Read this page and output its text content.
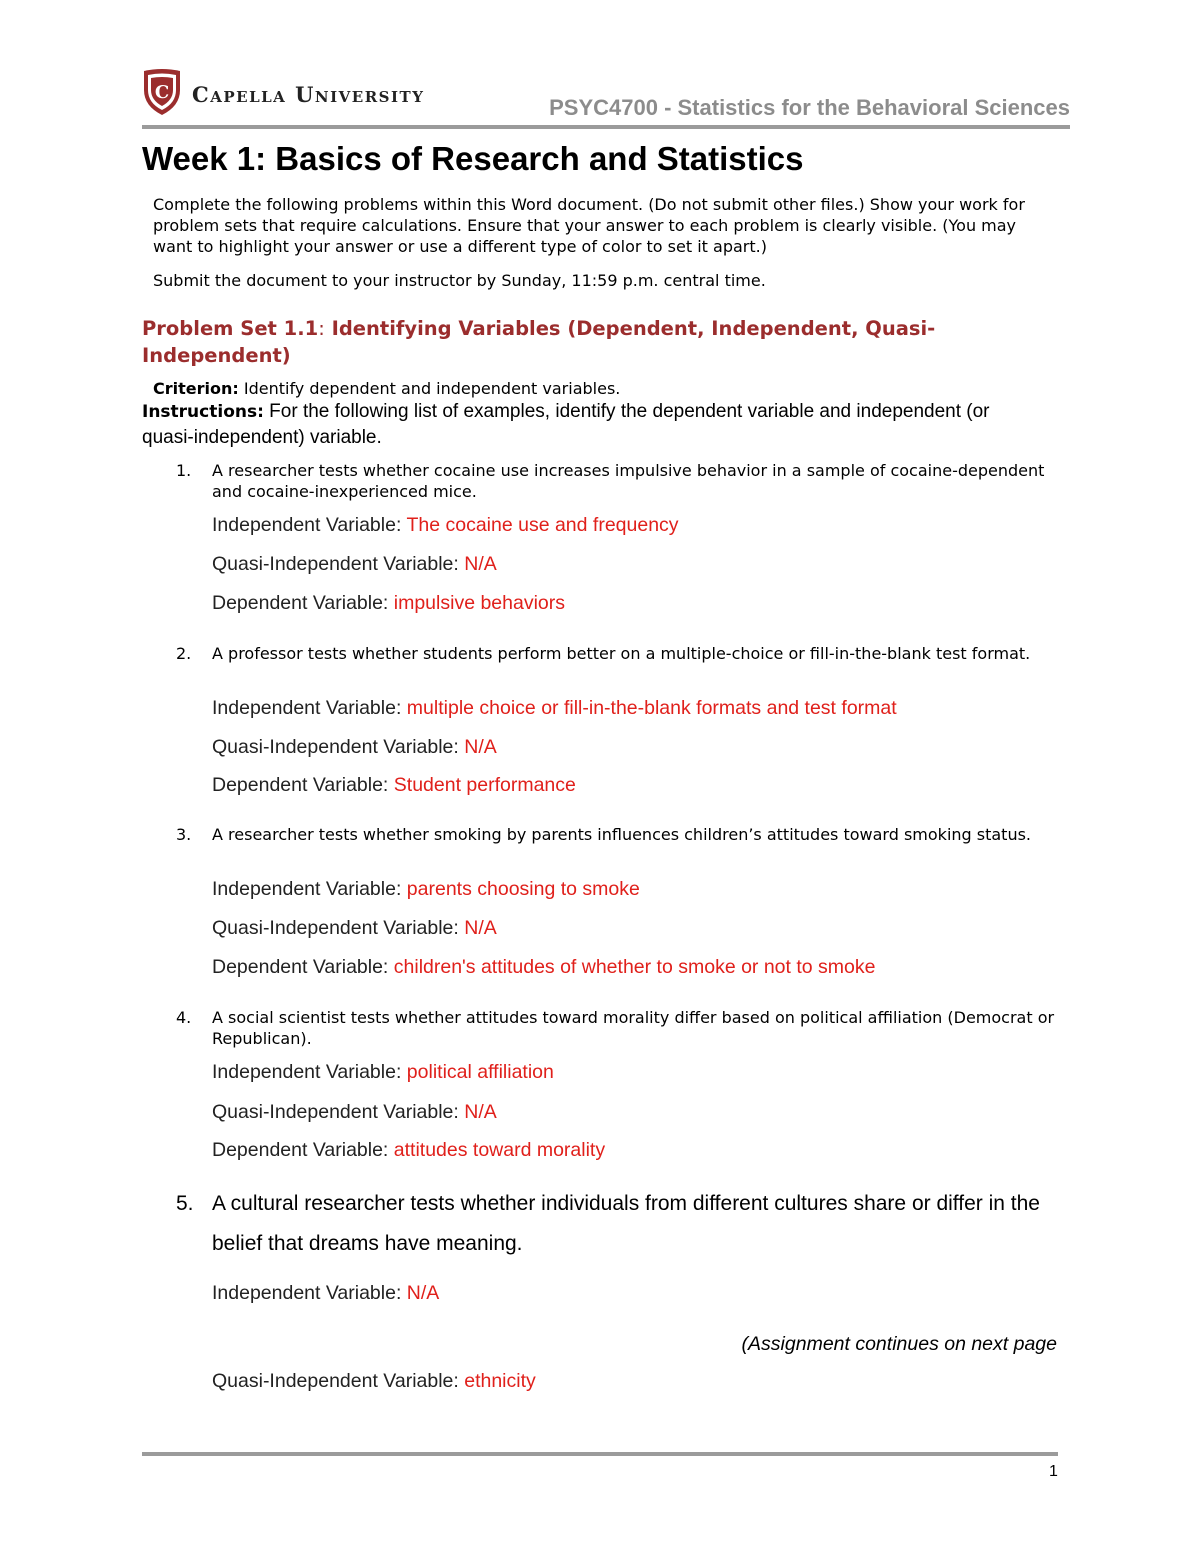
C Capella University
PSYC4700 - Statistics for the Behavioral Sciences
Week 1: Basics of Research and Statistics

Complete the following problems within this Word document. (Do not submit other files.) Show your work for problem sets that require calculations. Ensure that your answer to each problem is clearly visible. (You may want to highlight your answer or use a different type of color to set it apart.)

Submit the document to your instructor by Sunday, 11:59 p.m. central time.

Problem Set 1.1: Identifying Variables (Dependent, Independent, Quasi-Independent)

Criterion: Identify dependent and independent variables.

Instructions: For the following list of examples, identify the dependent variable and independent (or quasi-independent) variable.

1. A researcher tests whether cocaine use increases impulsive behavior in a sample of cocaine-dependent and cocaine-inexperienced mice.

Independent Variable: The cocaine use and frequency
Quasi-Independent Variable: N/A
Dependent Variable: impulsive behaviors
2. A professor tests whether students perform better on a multiple-choice or fill-in-the-blank test format.

Independent Variable: multiple choice or fill-in-the-blank formats and test format
Quasi-Independent Variable: N/A
Dependent Variable: Student performance
3. A researcher tests whether smoking by parents influences children’s attitudes toward smoking status.

Independent Variable: parents choosing to smoke
Quasi-Independent Variable: N/A
Dependent Variable: children's attitudes of whether to smoke or not to smoke
4. A social scientist tests whether attitudes toward morality differ based on political affiliation (Democrat or Republican).

Independent Variable: political affiliation
Quasi-Independent Variable: N/A
Dependent Variable: attitudes toward morality
5. A cultural researcher tests whether individuals from different cultures share or differ in the belief that dreams have meaning.

Independent Variable: N/A
Quasi-Independent Variable: ethnicity
(Assignment continues on next page
1
